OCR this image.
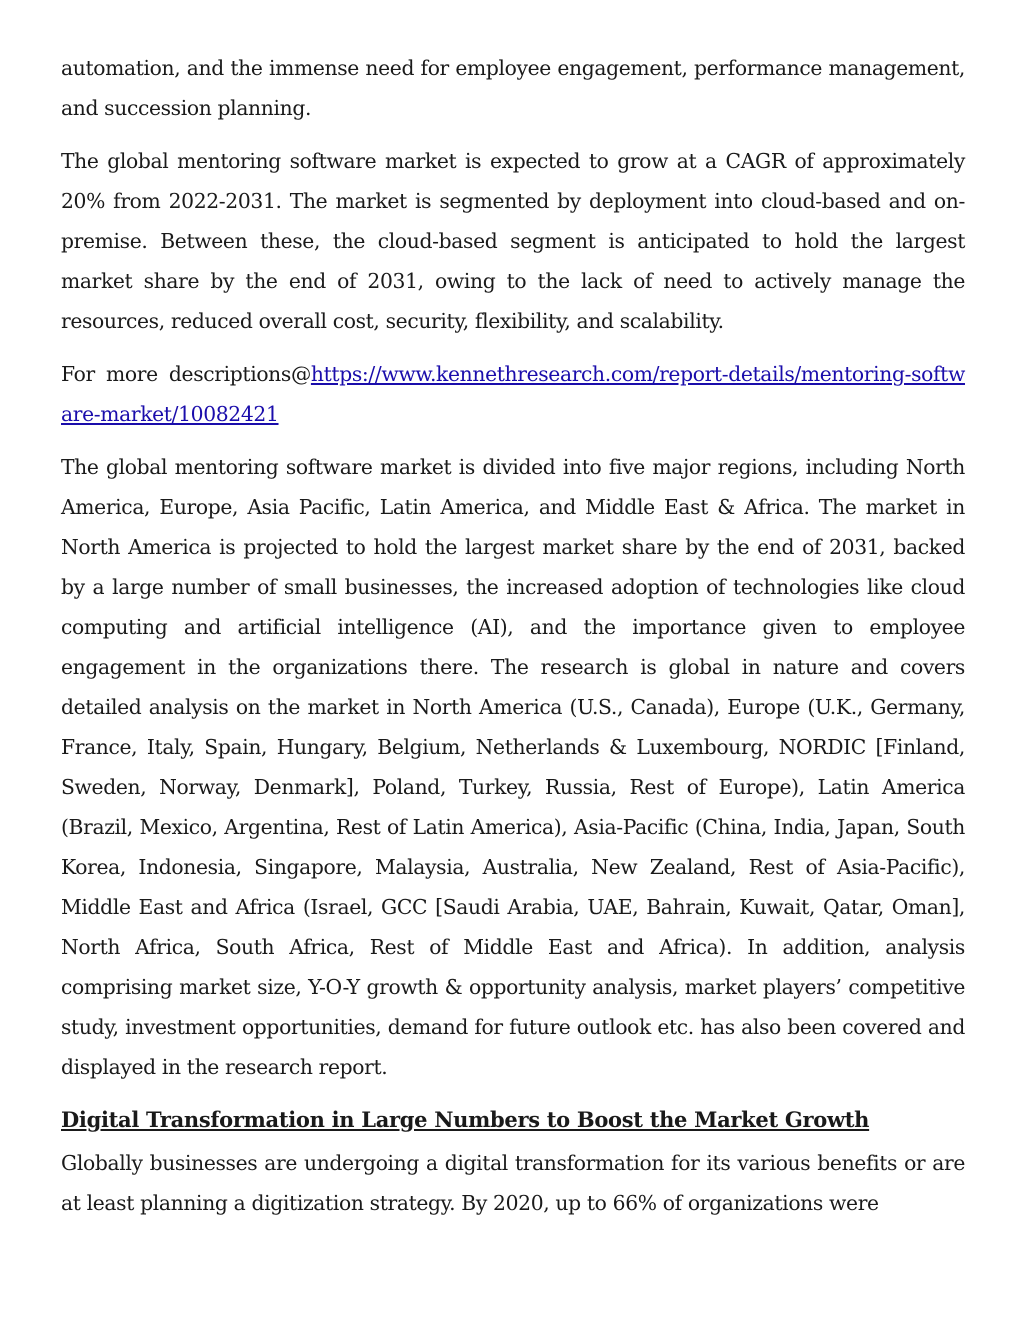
automation, and the immense need for employee engagement, performance management, and succession planning.

The global mentoring software market is expected to grow at a CAGR of approximately 20% from 2022-2031. The market is segmented by deployment into cloud-based and on-premise. Between these, the cloud-based segment is anticipated to hold the largest market share by the end of 2031, owing to the lack of need to actively manage the resources, reduced overall cost, security, flexibility, and scalability.

For more descriptions@https://www.kennethresearch.com/report-details/mentoring-software-market/10082421

The global mentoring software market is divided into five major regions, including North America, Europe, Asia Pacific, Latin America, and Middle East & Africa. The market in North America is projected to hold the largest market share by the end of 2031, backed by a large number of small businesses, the increased adoption of technologies like cloud computing and artificial intelligence (AI), and the importance given to employee engagement in the organizations there. The research is global in nature and covers detailed analysis on the market in North America (U.S., Canada), Europe (U.K., Germany, France, Italy, Spain, Hungary, Belgium, Netherlands & Luxembourg, NORDIC [Finland, Sweden, Norway, Denmark], Poland, Turkey, Russia, Rest of Europe), Latin America (Brazil, Mexico, Argentina, Rest of Latin America), Asia-Pacific (China, India, Japan, South Korea, Indonesia, Singapore, Malaysia, Australia, New Zealand, Rest of Asia-Pacific), Middle East and Africa (Israel, GCC [Saudi Arabia, UAE, Bahrain, Kuwait, Qatar, Oman], North Africa, South Africa, Rest of Middle East and Africa). In addition, analysis comprising market size, Y-O-Y growth & opportunity analysis, market players’ competitive study, investment opportunities, demand for future outlook etc. has also been covered and displayed in the research report.

Digital Transformation in Large Numbers to Boost the Market Growth

Globally businesses are undergoing a digital transformation for its various benefits or are at least planning a digitization strategy. By 2020, up to 66% of organizations were
